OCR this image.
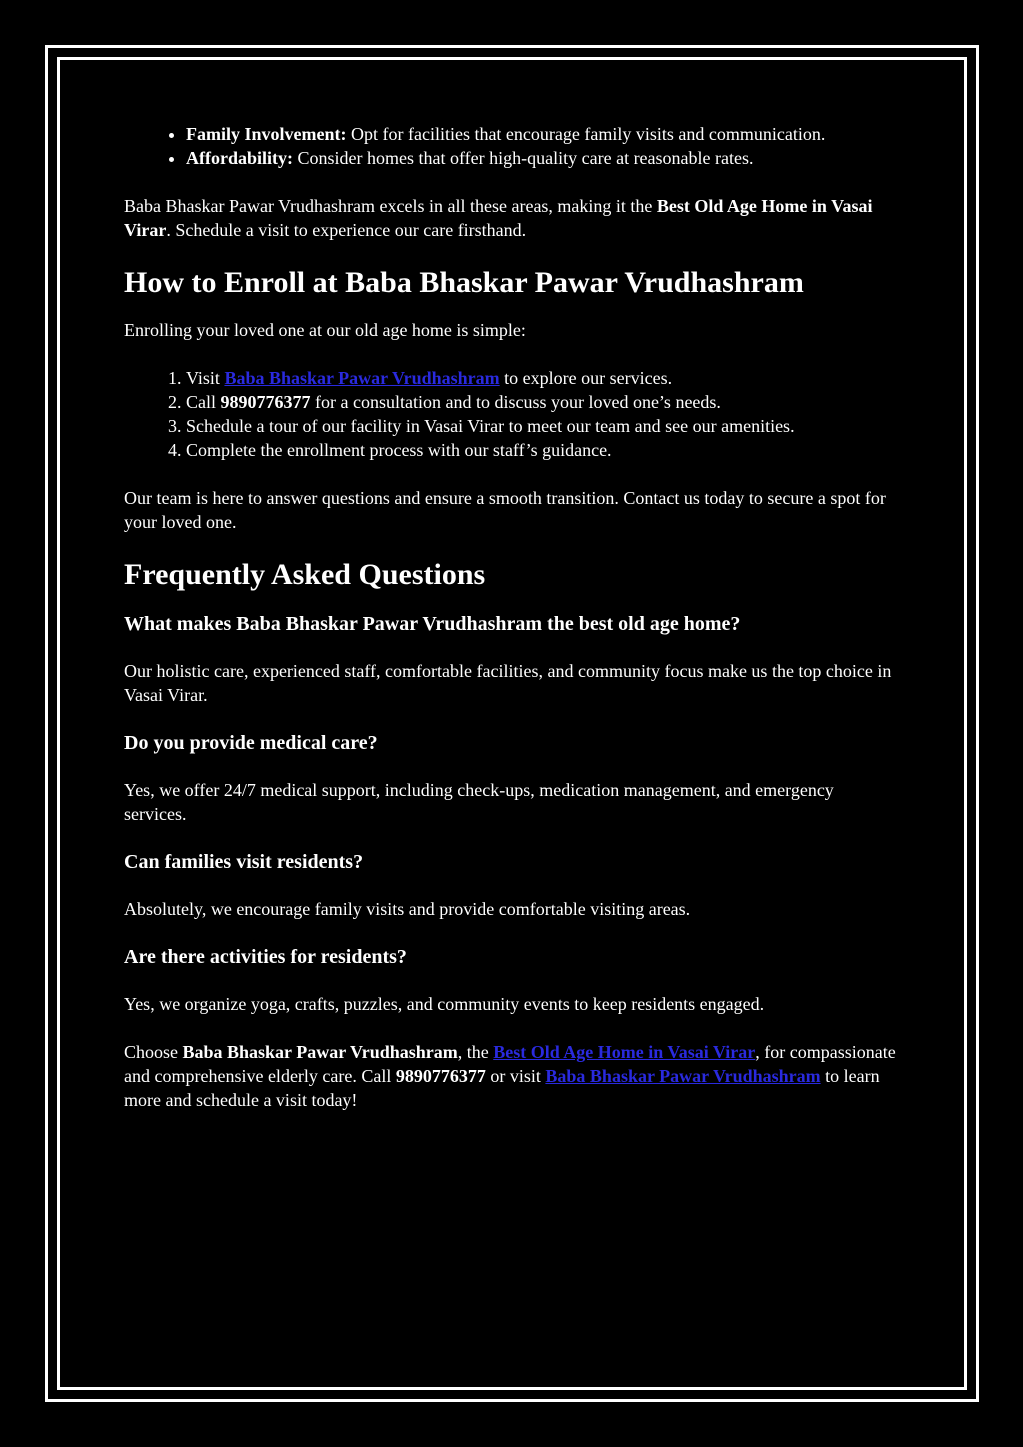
• Family Involvement: Opt for facilities that encourage family visits and communication.
• Affordability: Consider homes that offer high-quality care at reasonable rates.

Baba Bhaskar Pawar Vrudhashram excels in all these areas, making it the Best Old Age Home in Vasai Virar. Schedule a visit to experience our care firsthand.

How to Enroll at Baba Bhaskar Pawar Vrudhashram

Enrolling your loved one at our old age home is simple:

1. Visit Baba Bhaskar Pawar Vrudhashram to explore our services.
2. Call 9890776377 for a consultation and to discuss your loved one’s needs.
3. Schedule a tour of our facility in Vasai Virar to meet our team and see our amenities.
4. Complete the enrollment process with our staff’s guidance.

Our team is here to answer questions and ensure a smooth transition. Contact us today to secure a spot for your loved one.

Frequently Asked Questions
What makes Baba Bhaskar Pawar Vrudhashram the best old age home?

Our holistic care, experienced staff, comfortable facilities, and community focus make us the top choice in Vasai Virar.

Do you provide medical care?

Yes, we offer 24/7 medical support, including check-ups, medication management, and emergency services.

Can families visit residents?

Absolutely, we encourage family visits and provide comfortable visiting areas.

Are there activities for residents?

Yes, we organize yoga, crafts, puzzles, and community events to keep residents engaged.

Choose Baba Bhaskar Pawar Vrudhashram, the Best Old Age Home in Vasai Virar, for compassionate and comprehensive elderly care. Call 9890776377 or visit Baba Bhaskar Pawar Vrudhashram to learn more and schedule a visit today!
